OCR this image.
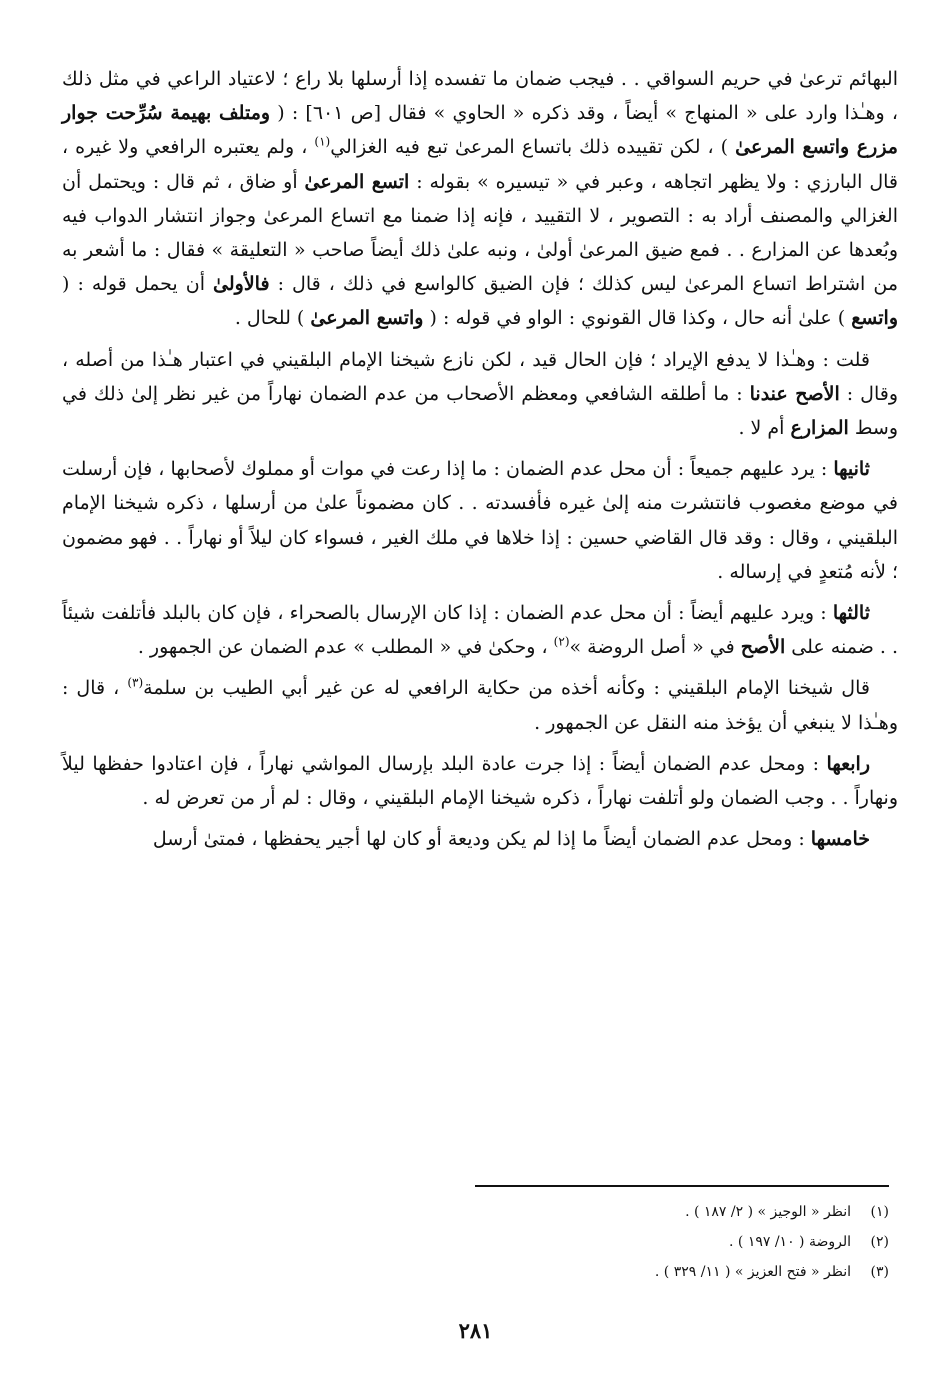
البهائم ترعىٰ في حريم السواقي . . فيجب ضمان ما تفسده إذا أرسلها بلا راع ؛ لاعتياد الراعي في مثل ذلك ، وهـٰذا وارد على « المنهاج » أيضاً ، وقد ذكره « الحاوي » فقال [ص ٦٠١] : ( ومتلف بهيمة سُرِّحت جوار مزرع واتسع المرعىٰ ) ، لكن تقييده ذلك باتساع المرعىٰ تبع فيه الغزالي$^{(١)}$ ، ولم يعتبره الرافعي ولا غيره ، قال البارزي : ولا يظهر اتجاهه ، وعبر في « تيسيره » بقوله : اتسع المرعىٰ أو ضاق ، ثم قال : ويحتمل أن الغزالي والمصنف أراد به : التصوير ، لا التقييد ، فإنه إذا ضمنا مع اتساع المرعىٰ وجواز انتشار الدواب فيه وبُعدها عن المزارع . . فمع ضيق المرعىٰ أولىٰ ، ونبه علىٰ ذلك أيضاً صاحب « التعليقة » فقال : ما أشعر به من اشتراط اتساع المرعىٰ ليس كذلك ؛ فإن الضيق كالواسع في ذلك ، قال : فالأولىٰ أن يحمل قوله : ( واتسع ) علىٰ أنه حال ، وكذا قال القونوي : الواو في قوله : ( واتسع المرعىٰ ) للحال .

قلت : وهـٰذا لا يدفع الإيراد ؛ فإن الحال قيد ، لكن نازع شيخنا الإمام البلقيني في اعتبار هـٰذا من أصله ، وقال : الأصح عندنا : ما أطلقه الشافعي ومعظم الأصحاب من عدم الضمان نهاراً من غير نظر إلىٰ ذلك في وسط المزارع أم لا .

ثانيها : يرد عليهم جميعاً : أن محل عدم الضمان : ما إذا رعت في موات أو مملوك لأصحابها ، فإن أرسلت في موضع مغصوب فانتشرت منه إلىٰ غيره فأفسدته . . كان مضموناً علىٰ من أرسلها ، ذكره شيخنا الإمام البلقيني ، وقال : وقد قال القاضي حسين : إذا خلاها في ملك الغير ، فسواء كان ليلاً أو نهاراً . . فهو مضمون ؛ لأنه مُتعدٍ في إرساله .

ثالثها : ويرد عليهم أيضاً : أن محل عدم الضمان : إذا كان الإرسال بالصحراء ، فإن كان بالبلد فأتلفت شيئاً . . ضمنه على الأصح في « أصل الروضة »$^{(٢)}$ ، وحكىٰ في « المطلب » عدم الضمان عن الجمهور .

قال شيخنا الإمام البلقيني : وكأنه أخذه من حكاية الرافعي له عن غير أبي الطيب بن سلمة$^{(٣)}$ ، قال : وهـٰذا لا ينبغي أن يؤخذ منه النقل عن الجمهور .

رابعها : ومحل عدم الضمان أيضاً : إذا جرت عادة البلد بإرسال المواشي نهاراً ، فإن اعتادوا حفظها ليلاً ونهاراً . . وجب الضمان ولو أتلفت نهاراً ، ذكره شيخنا الإمام البلقيني ، وقال : لم أر من تعرض له .

خامسها : ومحل عدم الضمان أيضاً ما إذا لم يكن وديعة أو كان لها أجير يحفظها ، فمتىٰ أرسل

(١)انظر « الوجيز » ( ٢/ ١٨٧ ) .
(٢)الروضة ( ١٠/ ١٩٧ ) .
(٣)انظر « فتح العزيز » ( ١١/ ٣٢٩ ) .
٢٨١
